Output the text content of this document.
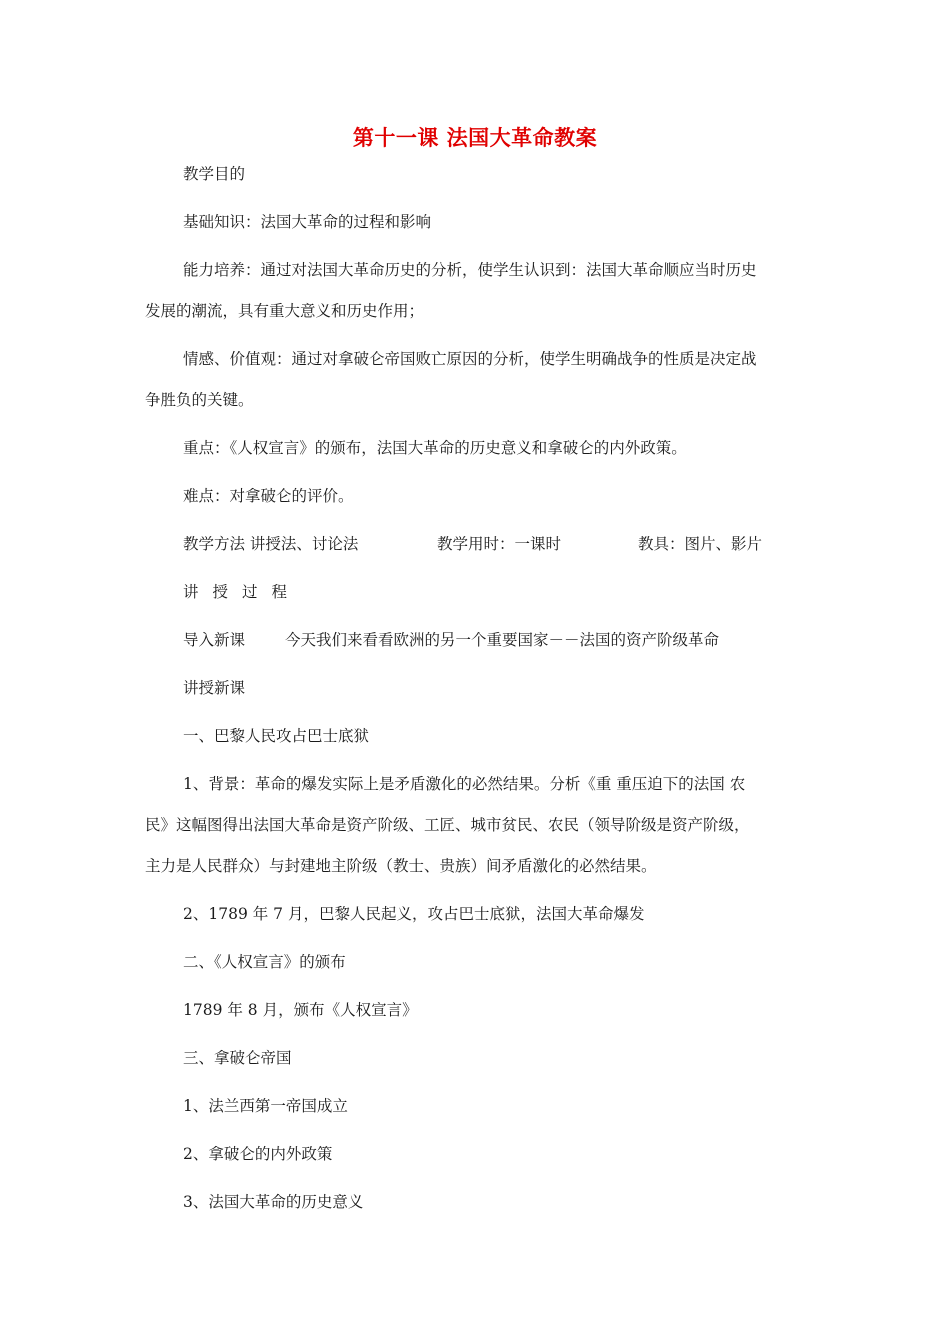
第十一课 法国大革命教案
教学目的
基础知识：法国大革命的过程和影响
能力培养：通过对法国大革命历史的分析，使学生认识到：法国大革命顺应当时历史
发展的潮流，具有重大意义和历史作用；
情感、价值观：通过对拿破仑帝国败亡原因的分析，使学生明确战争的性质是决定战
争胜负的关键。
重点：《人权宣言》的颁布，法国大革命的历史意义和拿破仑的内外政策。
难点：对拿破仑的评价。
教学方法 讲授法、讨论法	教学用时：一课时	教具：图片、影片
讲授过程
导入新课	今天我们来看看欧洲的另一个重要国家－－法国的资产阶级革命
讲授新课
一、巴黎人民攻占巴士底狱
1、背景：革命的爆发实际上是矛盾激化的必然结果。分析《重 重压迫下的法国 农
民》这幅图得出法国大革命是资产阶级、工匠、城市贫民、农民（领导阶级是资产阶级，
主力是人民群众）与封建地主阶级（教士、贵族）间矛盾激化的必然结果。
2、1789 年 7 月，巴黎人民起义，攻占巴士底狱，法国大革命爆发
二、《人权宣言》的颁布
1789 年 8 月，颁布《人权宣言》
三、拿破仑帝国
1、法兰西第一帝国成立
2、拿破仑的内外政策
3、法国大革命的历史意义
